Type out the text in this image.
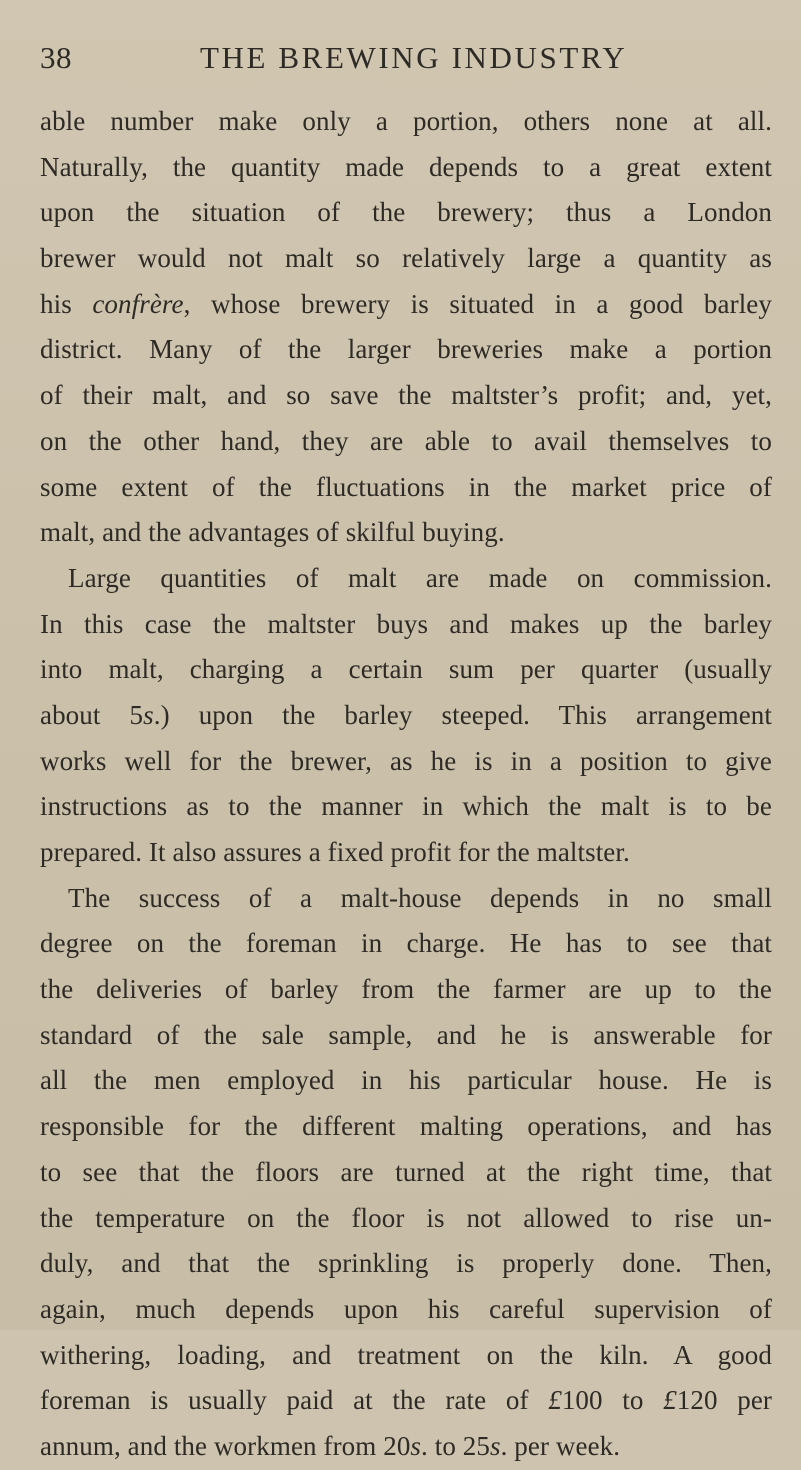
38	THE BREWING INDUSTRY
able number make only a portion, others none at all.
Naturally, the quantity made depends to a great extent
upon the situation of the brewery; thus a London
brewer would not malt so relatively large a quantity as
his confrère, whose brewery is situated in a good barley
district. Many of the larger breweries make a portion
of their malt, and so save the maltster’s profit; and, yet,
on the other hand, they are able to avail themselves to
some extent of the fluctuations in the market price of
malt, and the advantages of skilful buying.
Large quantities of malt are made on commission.
In this case the maltster buys and makes up the barley
into malt, charging a certain sum per quarter (usually
about 5s.) upon the barley steeped. This arrangement
works well for the brewer, as he is in a position to give
instructions as to the manner in which the malt is to be
prepared. It also assures a fixed profit for the maltster.
The success of a malt-house depends in no small
degree on the foreman in charge. He has to see that
the deliveries of barley from the farmer are up to the
standard of the sale sample, and he is answerable for
all the men employed in his particular house. He is
responsible for the different malting operations, and has
to see that the floors are turned at the right time, that
the temperature on the floor is not allowed to rise un-
duly, and that the sprinkling is properly done. Then,
again, much depends upon his careful supervision of
withering, loading, and treatment on the kiln. A good
foreman is usually paid at the rate of £100 to £120 per
annum, and the workmen from 20s. to 25s. per week.
